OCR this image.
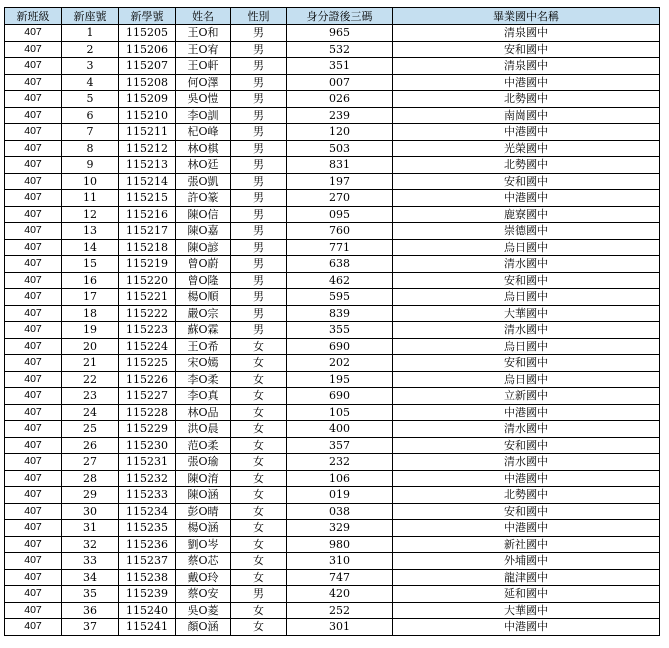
新班級	新座號	新學號	姓名	性別	身分證後三碼	畢業國中名稱
407	1	115205	王O和	男	965	清泉國中
407	2	115206	王O宥	男	532	安和國中
407	3	115207	王O軒	男	351	清泉國中
407	4	115208	何O澤	男	007	中港國中
407	5	115209	吳O愷	男	026	北勢國中
407	6	115210	李O訓	男	239	南崗國中
407	7	115211	杞O峰	男	120	中港國中
407	8	115212	林O棋	男	503	光榮國中
407	9	115213	林O廷	男	831	北勢國中
407	10	115214	張O凱	男	197	安和國中
407	11	115215	許O篆	男	270	中港國中
407	12	115216	陳O信	男	095	鹿寮國中
407	13	115217	陳O嘉	男	760	崇德國中
407	14	115218	陳O諺	男	771	烏日國中
407	15	115219	曾O蔚	男	638	清水國中
407	16	115220	曾O隆	男	462	安和國中
407	17	115221	楊O順	男	595	烏日國中
407	18	115222	嚴O宗	男	839	大華國中
407	19	115223	蘇O霖	男	355	清水國中
407	20	115224	王O希	女	690	烏日國中
407	21	115225	宋O嫣	女	202	安和國中
407	22	115226	李O柔	女	195	烏日國中
407	23	115227	李O真	女	690	立新國中
407	24	115228	林O品	女	105	中港國中
407	25	115229	洪O晨	女	400	清水國中
407	26	115230	范O柔	女	357	安和國中
407	27	115231	張O瑜	女	232	清水國中
407	28	115232	陳O淯	女	106	中港國中
407	29	115233	陳O涵	女	019	北勢國中
407	30	115234	彭O晴	女	038	安和國中
407	31	115235	楊O涵	女	329	中港國中
407	32	115236	劉O岑	女	980	新社國中
407	33	115237	蔡O芯	女	310	外埔國中
407	34	115238	戴O玲	女	747	龍津國中
407	35	115239	蔡O安	男	420	延和國中
407	36	115240	吳O菱	女	252	大華國中
407	37	115241	顏O涵	女	301	中港國中
